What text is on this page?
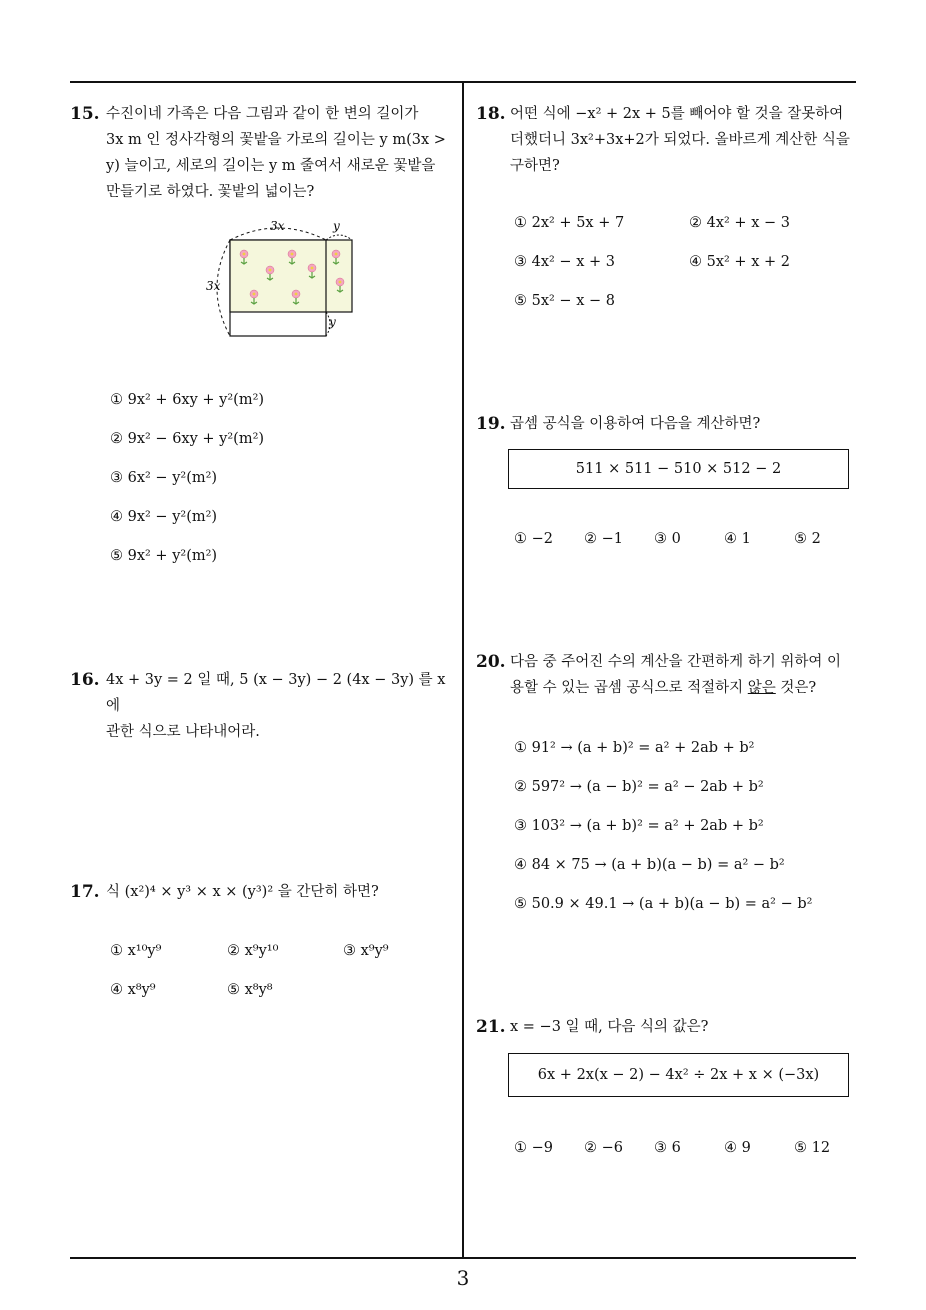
15. 수진이네 가족은 다음 그림과 같이 한 변의 길이가
3x m 인 정사각형의 꽃밭을 가로의 길이는 y m(3x >
y) 늘이고, 세로의 길이는 y m 줄여서 새로운 꽃밭을
만들기로 하였다. 꽃밭의 넓이는?
3x
3x
y
y
① 9x² + 6xy + y²(m²)
② 9x² − 6xy + y²(m²)
③ 6x² − y²(m²)
④ 9x² − y²(m²)
⑤ 9x² + y²(m²)
16. 4x + 3y = 2 일 때, 5 (x − 3y) − 2 (4x − 3y) 를 x 에
관한 식으로 나타내어라.
17. 식 (x²)⁴ × y³ × x × (y³)² 을 간단히 하면?
① x¹⁰y⁹	② x⁹y¹⁰	③ x⁹y⁹
④ x⁸y⁹	⑤ x⁸y⁸
18. 어떤 식에 −x² + 2x + 5를 빼어야 할 것을 잘못하여
더했더니 3x²+3x+2가 되었다. 올바르게 계산한 식을
구하면?
① 2x² + 5x + 7	② 4x² + x − 3
③ 4x² − x + 3	④ 5x² + x + 2
⑤ 5x² − x − 8
19. 곱셈 공식을 이용하여 다음을 계산하면?
511 × 511 − 510 × 512 − 2
① −2 ② −1 ③ 0	④ 1	⑤ 2
20. 다음 중 주어진 수의 계산을 간편하게 하기 위하여 이
용할 수 있는 곱셈 공식으로 적절하지 않은 것은?
① 91² → (a + b)² = a² + 2ab + b²
② 597² → (a − b)² = a² − 2ab + b²
③ 103² → (a + b)² = a² + 2ab + b²
④ 84 × 75 → (a + b)(a − b) = a² − b²
⑤ 50.9 × 49.1 → (a + b)(a − b) = a² − b²
21. x = −3 일 때, 다음 식의 값은?
6x + 2x(x − 2) − 4x² ÷ 2x + x × (−3x)
① −9 ② −6 ③ 6	④ 9	⑤ 12
3
